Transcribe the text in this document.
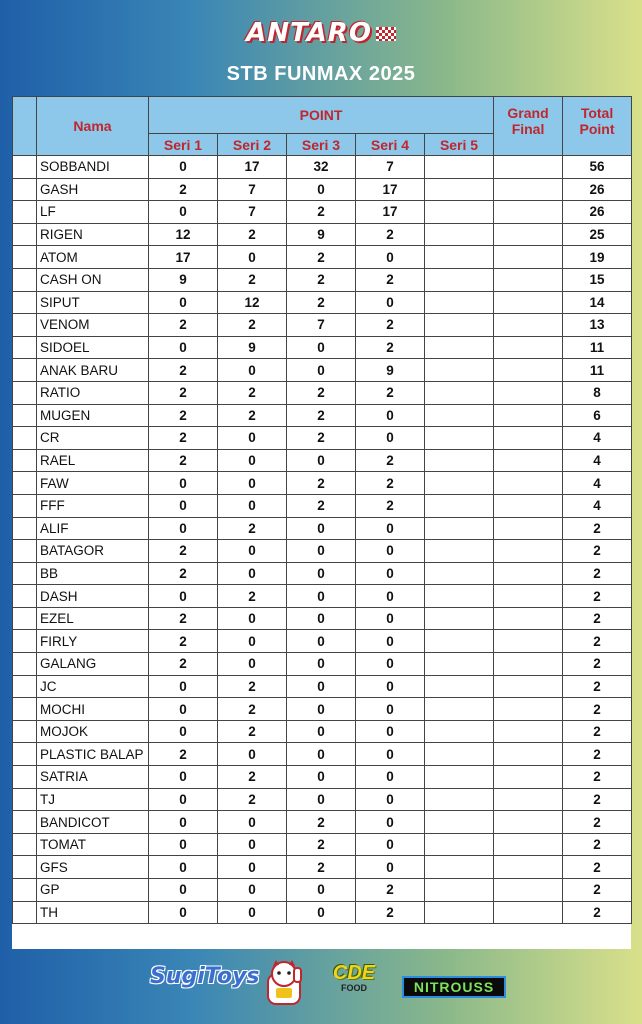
ANTARO
STB FUNMAX 2025
	Nama	POINT					Grand Final	Total Point
		Seri 1	Seri 2	Seri 3	Seri 4	Seri 5		
	SOBBANDI	0	17	32	7			56
	GASH	2	7	0	17			26
	LF	0	7	2	17			26
	RIGEN	12	2	9	2			25
	ATOM	17	0	2	0			19
	CASH ON	9	2	2	2			15
	SIPUT	0	12	2	0			14
	VENOM	2	2	7	2			13
	SIDOEL	0	9	0	2			11
	ANAK BARU	2	0	0	9			11
	RATIO	2	2	2	2			8
	MUGEN	2	2	2	0			6
	CR	2	0	2	0			4
	RAEL	2	0	0	2			4
	FAW	0	0	2	2			4
	FFF	0	0	2	2			4
	ALIF	0	2	0	0			2
	BATAGOR	2	0	0	0			2
	BB	2	0	0	0			2
	DASH	0	2	0	0			2
	EZEL	2	0	0	0			2
	FIRLY	2	0	0	0			2
	GALANG	2	0	0	0			2
	JC	0	2	0	0			2
	MOCHI	0	2	0	0			2
	MOJOK	0	2	0	0			2
	PLASTIC BALAP	2	0	0	0			2
	SATRIA	0	2	0	0			2
	TJ	0	2	0	0			2
	BANDICOT	0	0	2	0			2
	TOMAT	0	0	2	0			2
	GFS	0	0	2	0			2
	GP	0	0	0	2			2
	TH	0	0	0	2			2
SugiToys	CDE
FOOD	NITROUSS
